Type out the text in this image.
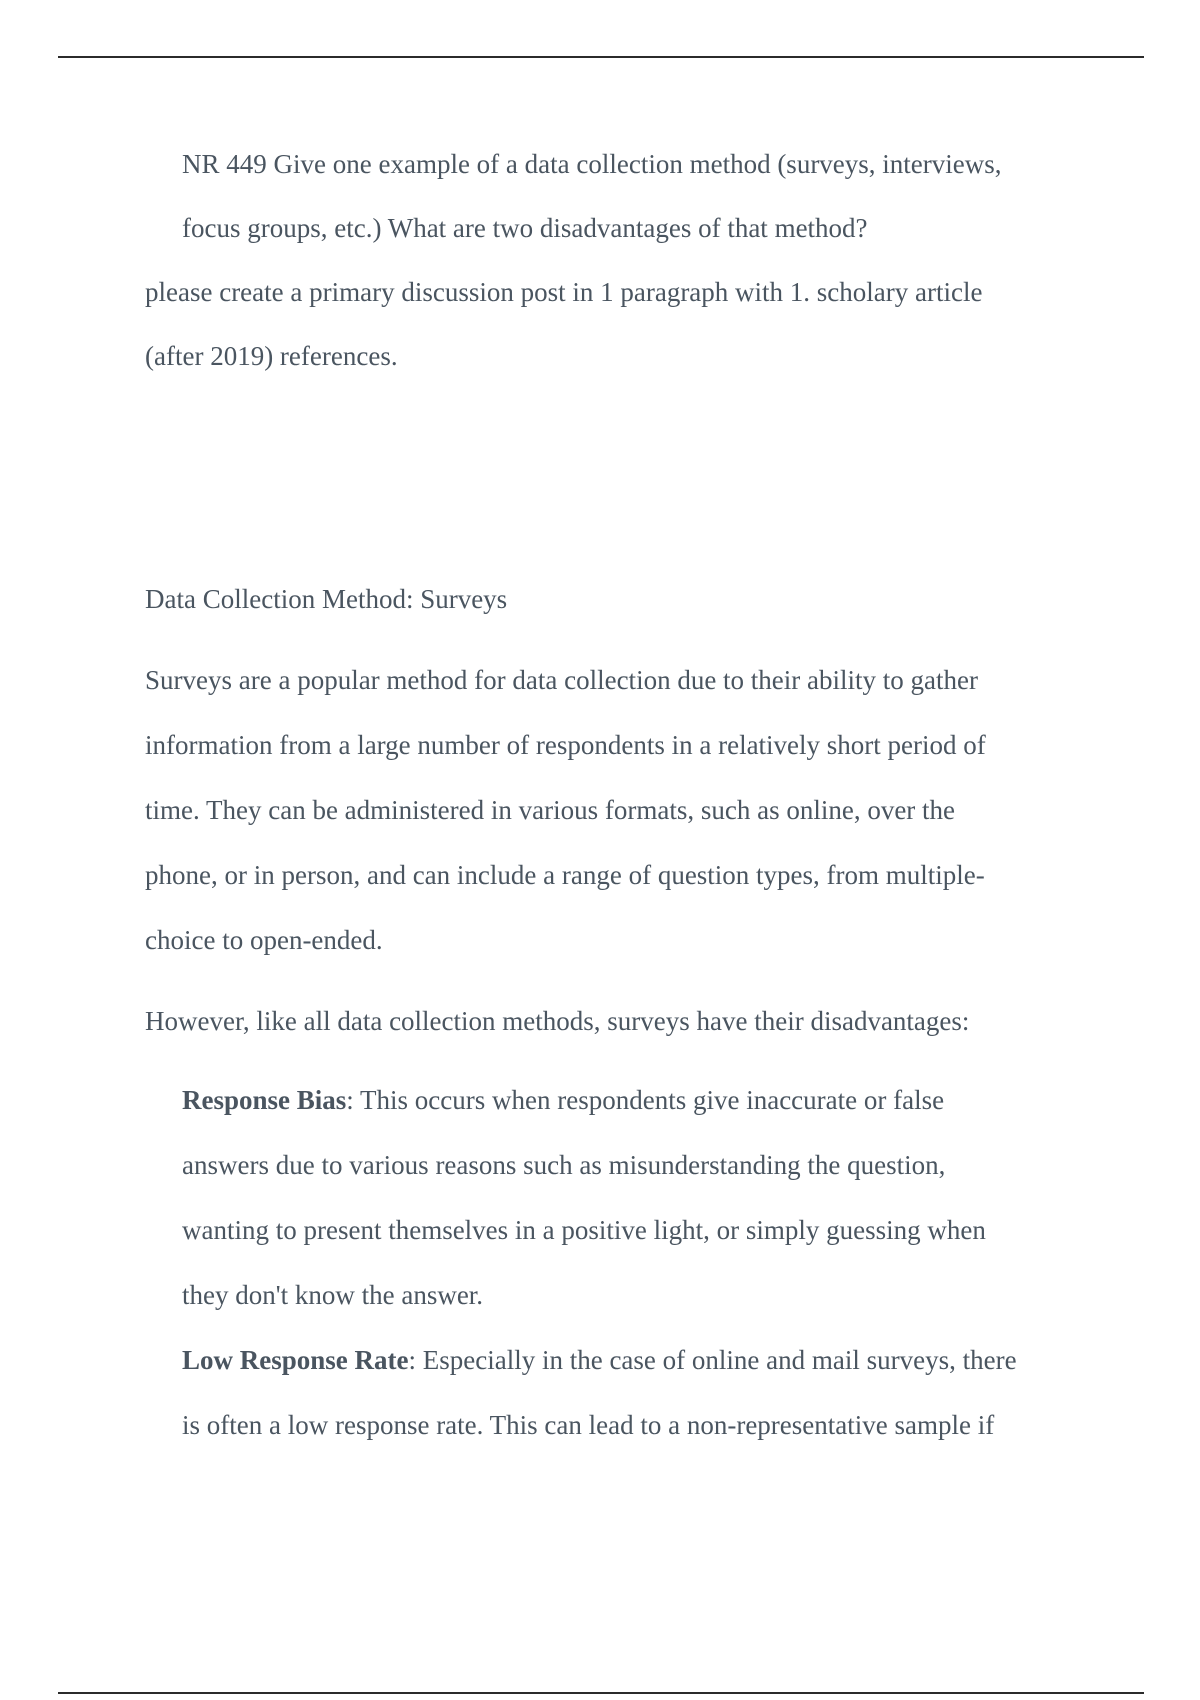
NR 449 Give one example of a data collection method (surveys, interviews,
focus groups, etc.) What are two disadvantages of that method?
please create a primary discussion post in 1 paragraph with 1. scholary article
(after 2019) references.
Data Collection Method: Surveys
Surveys are a popular method for data collection due to their ability to gather
information from a large number of respondents in a relatively short period of
time. They can be administered in various formats, such as online, over the
phone, or in person, and can include a range of question types, from multiple-
choice to open-ended.
However, like all data collection methods, surveys have their disadvantages:
Response Bias: This occurs when respondents give inaccurate or false
answers due to various reasons such as misunderstanding the question,
wanting to present themselves in a positive light, or simply guessing when
they don't know the answer.
Low Response Rate: Especially in the case of online and mail surveys, there
is often a low response rate. This can lead to a non-representative sample if
